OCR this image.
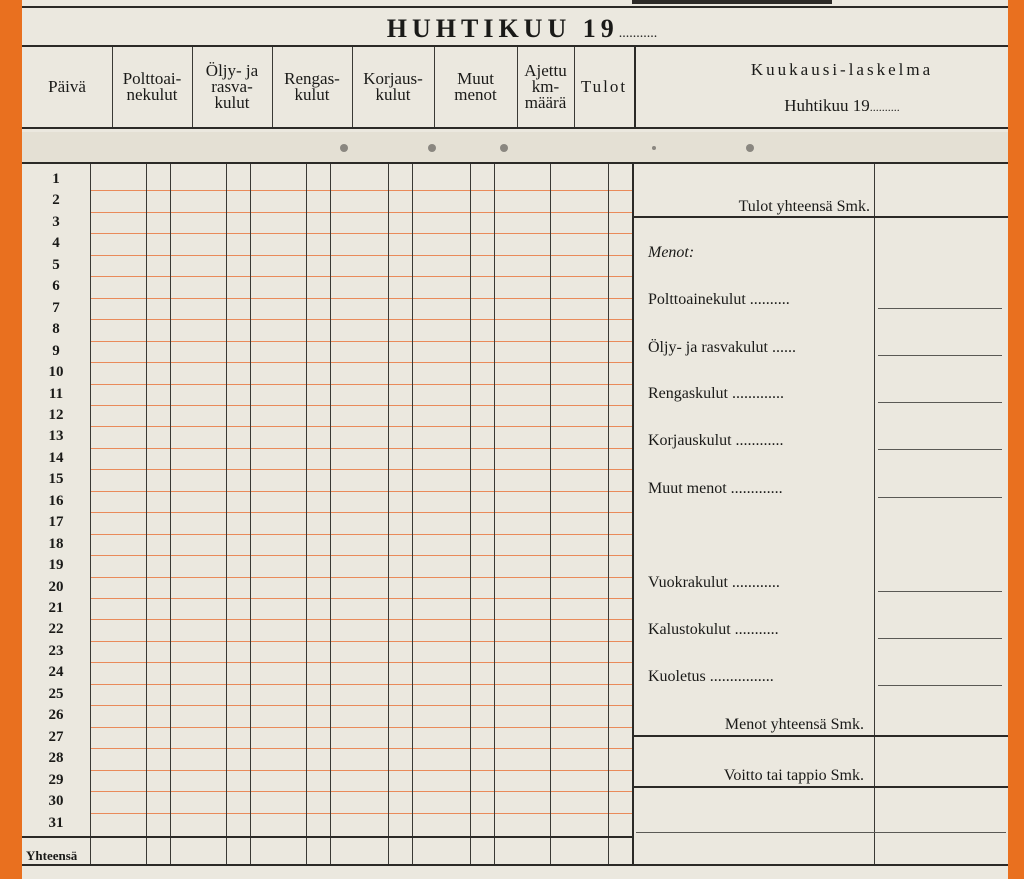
HUHTIKUU 19...........
Päivä Polttoai-
nekulut
Öljy- ja
rasva-
kulut
Rengas-
kulut
Korjaus-
kulut
Muut
menot
Ajettu
km-
määrä
Tulot
Kuukausi-laskelma
Huhtikuu 19..........
1
2
3
4
5
6
7
8
9
10
11
12
13
14
15
16
17
18
19
20
21
22
23
24
25
26
27
28
29
30
31
Yhteensä
Tulot yhteensä Smk.
Menot:
Polttoainekulut ..........
Öljy- ja rasvakulut ......
Rengaskulut .............
Korjauskulut ............
Muut menot .............
Vuokrakulut ............
Kalustokulut ...........
Kuoletus ................
Menot yhteensä Smk.
Voitto tai tappio Smk.
